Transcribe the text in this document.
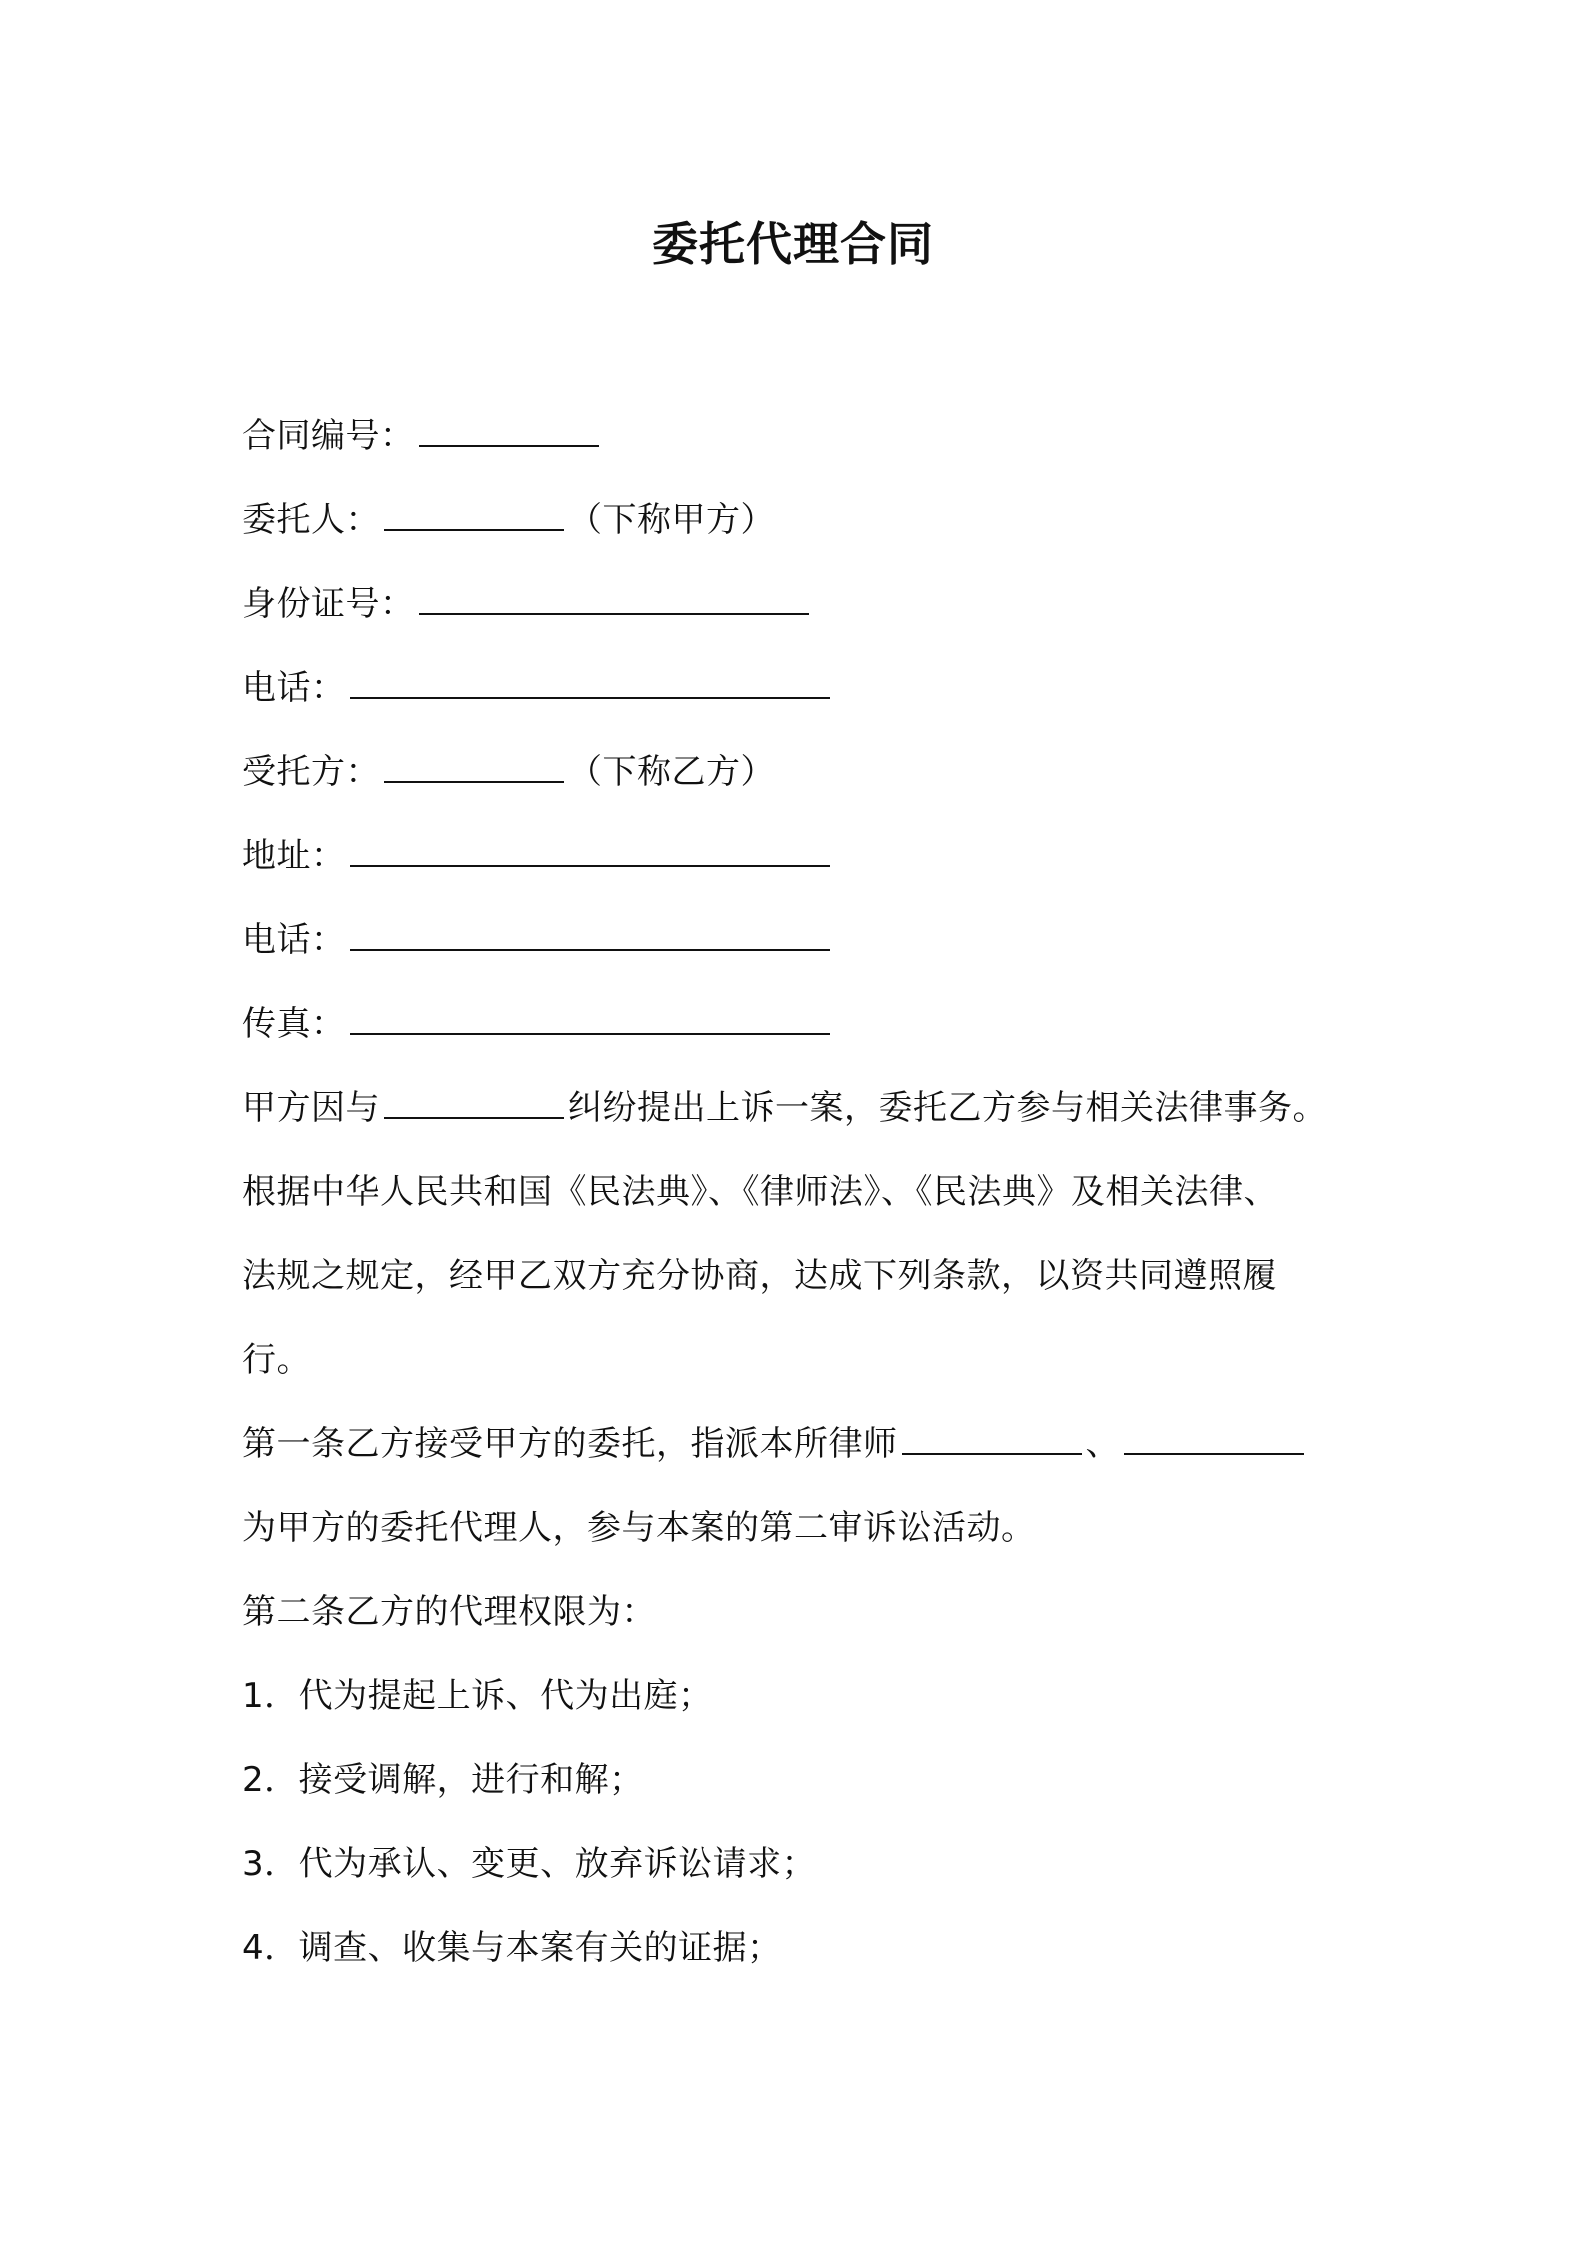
委托代理合同
合同编号：
委托人：	（下称甲方）
身份证号：
电话：
受托方：	（下称乙方）
地址：
电话：
传真：
甲方因与	纠纷提出上诉一案，委托乙方参与相关法律事务。
根据中华人民共和国《民法典》、《律师法》、《民法典》及相关法律、
法规之规定，经甲乙双方充分协商，达成下列条款，以资共同遵照履
行。
第一条乙方接受甲方的委托，指派本所律师	、
为甲方的委托代理人，参与本案的第二审诉讼活动。
第二条乙方的代理权限为：
1．代为提起上诉、代为出庭；
2．接受调解，进行和解；
3．代为承认、变更、放弃诉讼请求；
4．调查、收集与本案有关的证据；
